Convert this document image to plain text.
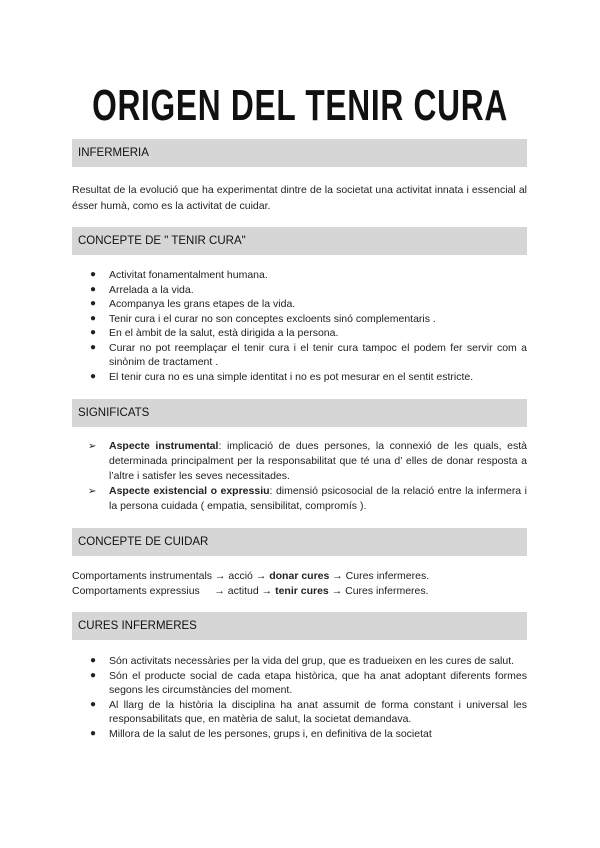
ORIGEN DEL TENIR CURA
INFERMERIA

Resultat de la evolució que ha experimentat dintre de la societat una activitat innata i essencial al ésser humà, como es la activitat de cuidar.

CONCEPTE DE " TENIR CURA"
● Activitat fonamentalment humana.
● Arrelada a la vida.
● Acompanya les grans etapes de la vida.
● Tenir cura i el curar no son conceptes excloents sinó complementaris .
● En el àmbit de la salut, està dirigida a la persona.
● Curar no pot reemplaçar el tenir cura i el tenir cura tampoc el podem fer servir com a sinònim de tractament .
● El tenir cura no es una simple identitat i no es pot mesurar en el sentit estricte.
SIGNIFICATS
➢ Aspecte instrumental: implicació de dues persones, la connexió de les quals, està determinada principalment per la responsabilitat que té una d’ elles de donar resposta a l’altre i satisfer les seves necessitades.
➢ Aspecte existencial o expressiu: dimensió psicosocial de la relació entre la infermera i la persona cuidada ( empatia, sensibilitat, compromís ).
CONCEPTE DE CUIDAR
Comportaments instrumentals → acció → donar cures → Cures infermeres.
Comportaments expressius     → actitud → tenir cures → Cures infermeres.
CURES INFERMERES
● Són activitats necessàries per la vida del grup, que es tradueixen en les cures de salut.
● Són el producte social de cada etapa històrica, que ha anat adoptant diferents formes segons les circumstàncies del moment.
● Al llarg de la història la disciplina ha anat assumit de forma constant i universal les responsabilitats que, en matèria de salut, la societat demandava.
● Millora de la salut de les persones, grups i, en definitiva de la societat
